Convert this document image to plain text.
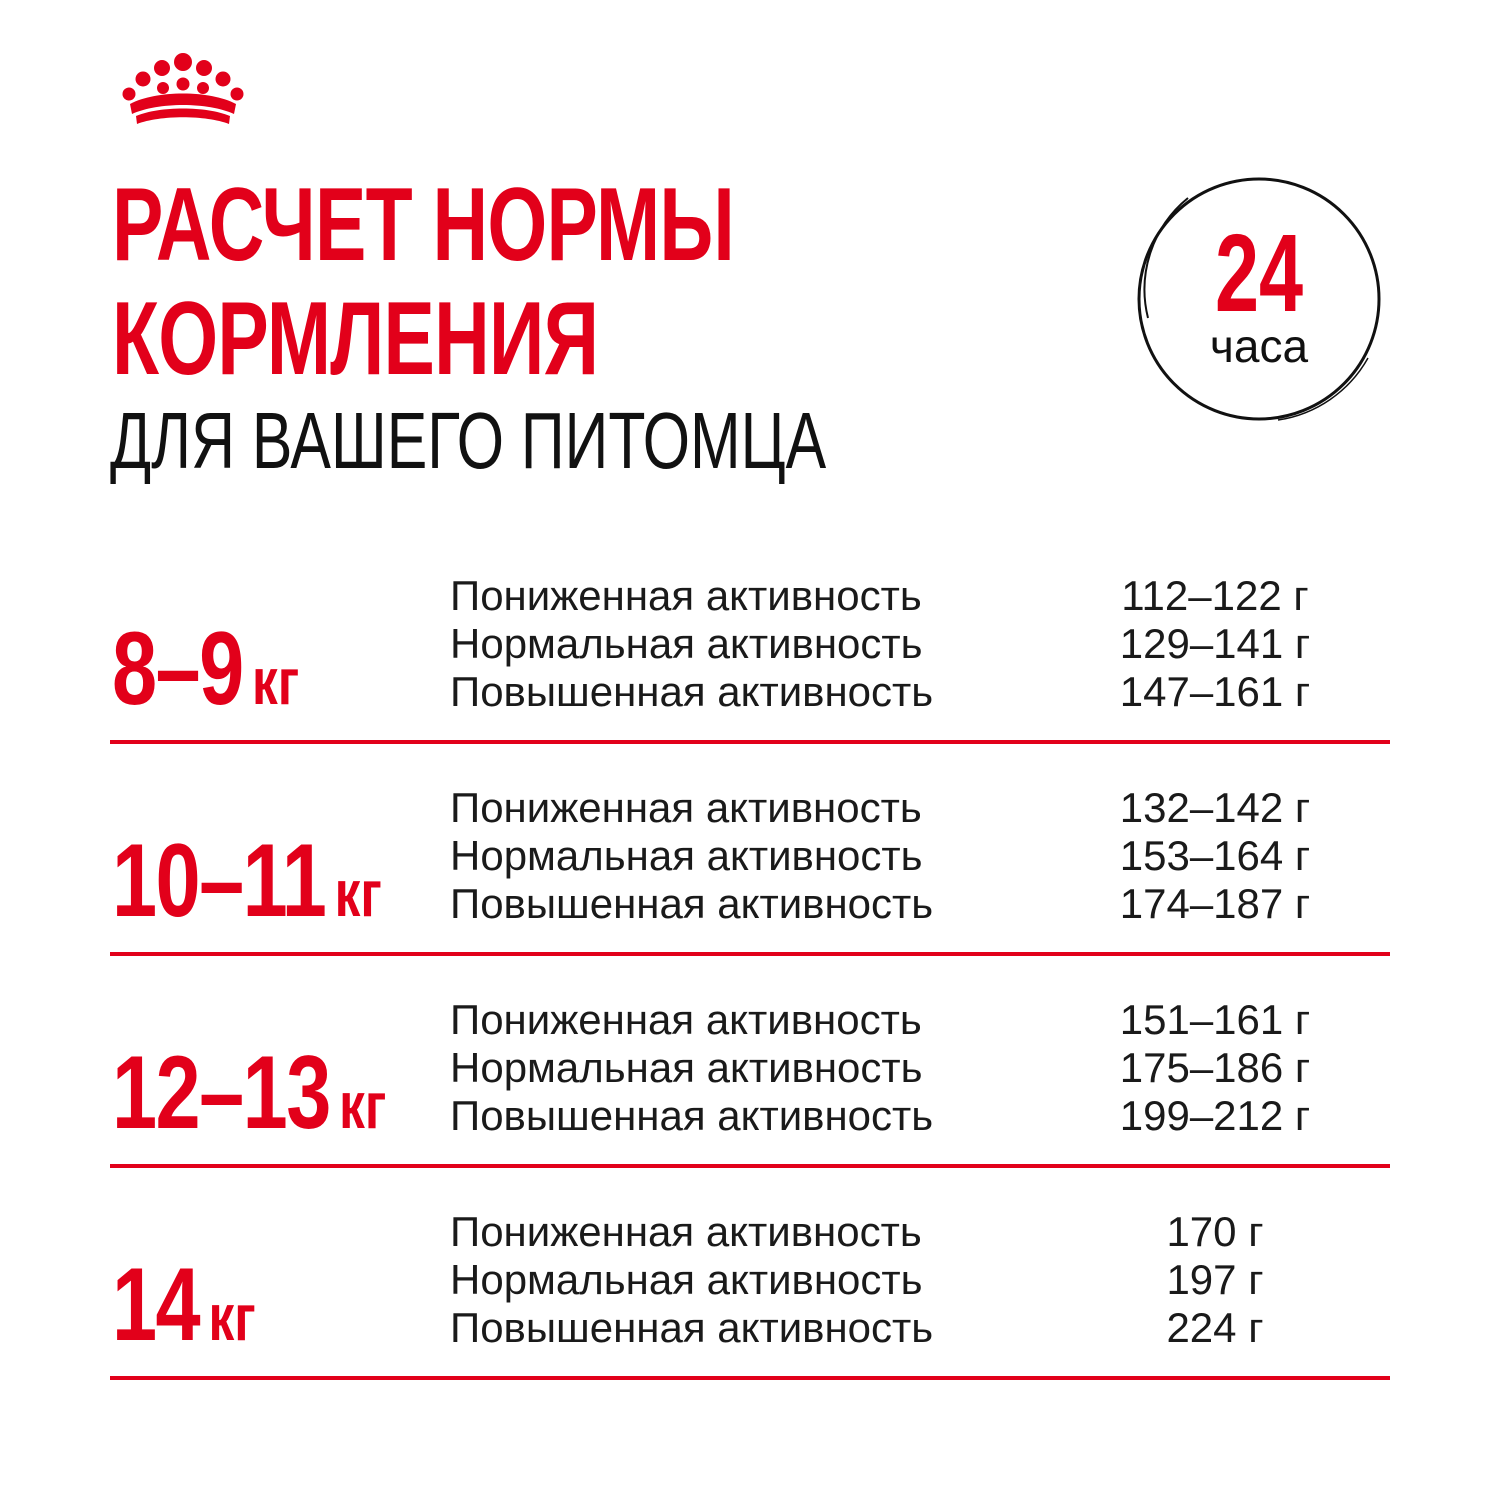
РАСЧЕТ НОРМЫ
КОРМЛЕНИЯ
ДЛЯ ВАШЕГО ПИТОМЦА
24
часа
8–9 кг
Пониженная активность	112–122 г
Нормальная активность	129–141 г
Повышенная активность	147–161 г
10–11 кг
Пониженная активность	132–142 г
Нормальная активность	153–164 г
Повышенная активность	174–187 г
12–13 кг
Пониженная активность	151–161 г
Нормальная активность	175–186 г
Повышенная активность	199–212 г
14 кг
Пониженная активность	170 г
Нормальная активность	197 г
Повышенная активность	224 г
